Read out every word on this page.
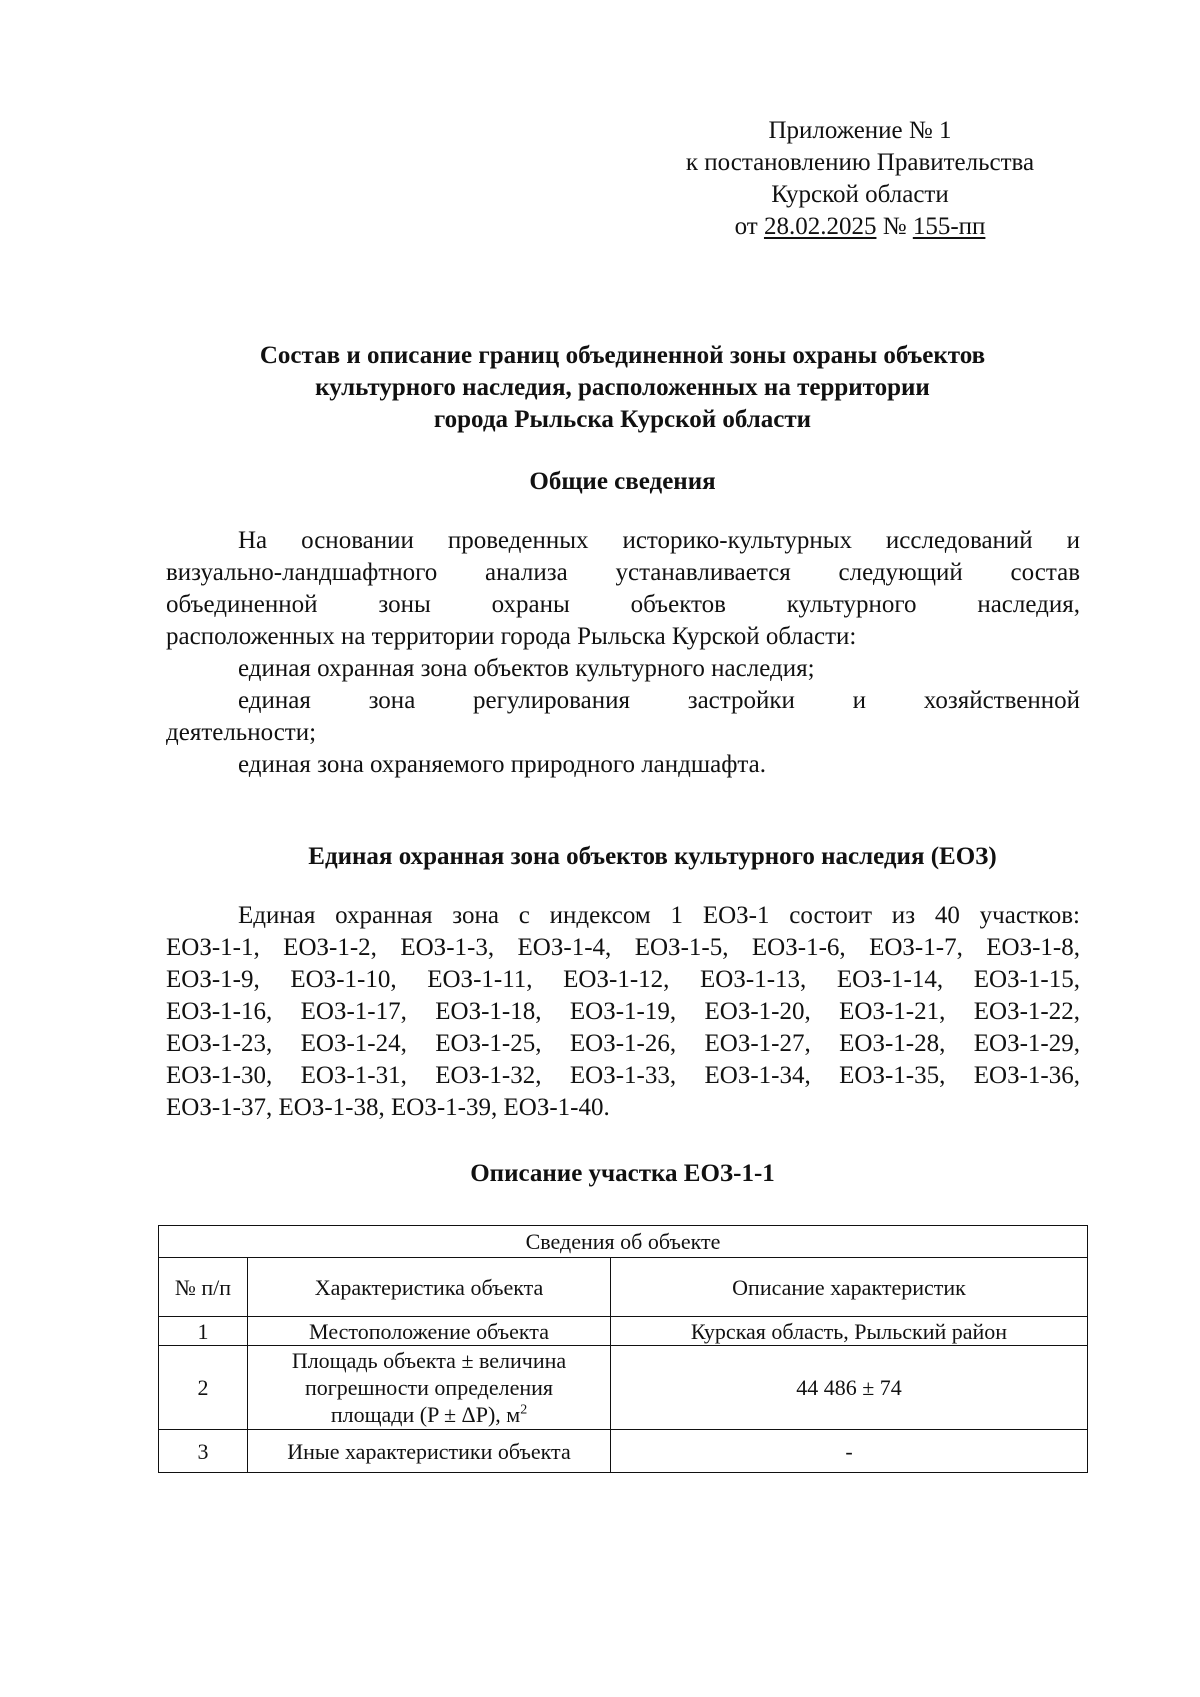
Приложение № 1
к постановлению Правительства
Курской области
от 28.02.2025 № 155-пп
Состав и описание границ объединенной зоны охраны объектов
культурного наследия, расположенных на территории
города Рыльска Курской области
Общие сведения
На основании проведенных историко-культурных исследований и
визуально-ландшафтного анализа устанавливается следующий состав
объединенной зоны охраны объектов культурного наследия,
расположенных на территории города Рыльска Курской области:
единая охранная зона объектов культурного наследия;
единая зона регулирования застройки и хозяйственной
деятельности;
единая зона охраняемого природного ландшафта.
Единая охранная зона объектов культурного наследия (ЕОЗ)
Единая охранная зона с индексом 1 ЕОЗ-1 состоит из 40 участков:
ЕОЗ-1-1, ЕОЗ-1-2, ЕОЗ-1-3, ЕОЗ-1-4, ЕОЗ-1-5, ЕОЗ-1-6, ЕОЗ-1-7, ЕОЗ-1-8,
ЕОЗ-1-9, ЕОЗ-1-10, ЕОЗ-1-11, ЕОЗ-1-12, ЕОЗ-1-13, ЕОЗ-1-14, ЕОЗ-1-15,
ЕОЗ-1-16, ЕОЗ-1-17, ЕОЗ-1-18, ЕОЗ-1-19, ЕОЗ-1-20, ЕОЗ-1-21, ЕОЗ-1-22,
ЕОЗ-1-23, ЕОЗ-1-24, ЕОЗ-1-25, ЕОЗ-1-26, ЕОЗ-1-27, ЕОЗ-1-28, ЕОЗ-1-29,
ЕОЗ-1-30, ЕОЗ-1-31, ЕОЗ-1-32, ЕОЗ-1-33, ЕОЗ-1-34, ЕОЗ-1-35, ЕОЗ-1-36,
ЕОЗ-1-37, ЕОЗ-1-38, ЕОЗ-1-39, ЕОЗ-1-40.
Описание участка ЕОЗ-1-1
Сведения об объекте		
№ п/п	Характеристика объекта	Описание характеристик
1	Местоположение объекта	Курская область, Рыльский район
2	Площадь объекта ± величина
погрешности определения
площади (P ± ΔP), $м^2$	44 486 ± 74
3	Иные характеристики объекта	-
